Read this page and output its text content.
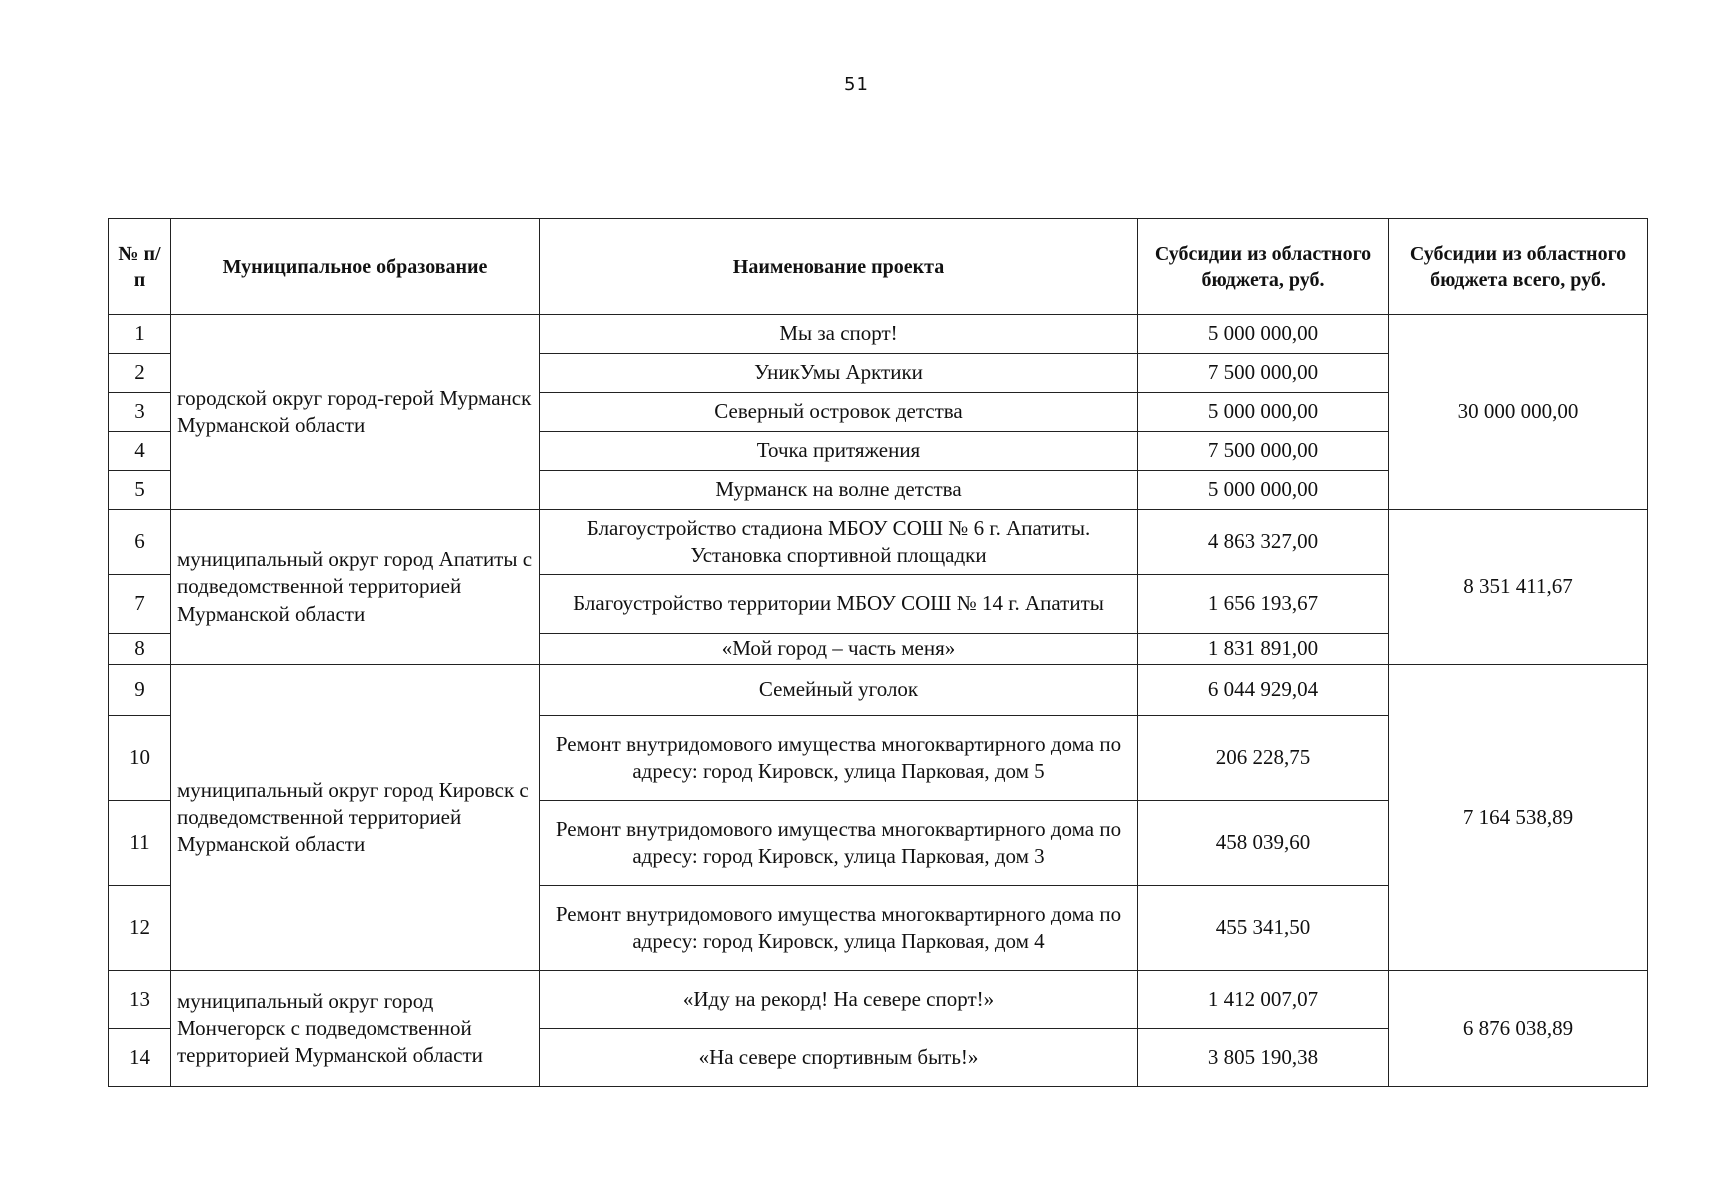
51
№ п/п	Муниципальное образование	Наименование проекта	Субсидии из областного бюджета, руб.	Субсидии из областного бюджета всего, руб.
1	городской округ город-герой Мурманск Мурманской области	Мы за спорт!	5 000 000,00	30 000 000,00
2		УникУмы Арктики	7 500 000,00	
3		Северный островок детства	5 000 000,00	
4		Точка притяжения	7 500 000,00	
5		Мурманск на волне детства	5 000 000,00	
6	муниципальный округ город Апатиты с подведомственной территорией Мурманской области	Благоустройство стадиона МБОУ СОШ № 6 г. Апатиты. Установка спортивной площадки	4 863 327,00	8 351 411,67
7		Благоустройство территории МБОУ СОШ № 14 г. Апатиты	1 656 193,67	
8		«Мой город – часть меня»	1 831 891,00	
9	муниципальный округ город Кировск с подведомственной территорией Мурманской области	Семейный уголок	6 044 929,04	7 164 538,89
10		Ремонт внутридомового имущества многоквартирного дома по адресу: город Кировск, улица Парковая, дом 5	206 228,75	
11		Ремонт внутридомового имущества многоквартирного дома по адресу: город Кировск, улица Парковая, дом 3	458 039,60	
12		Ремонт внутридомового имущества многоквартирного дома по адресу: город Кировск, улица Парковая, дом 4	455 341,50	
13	муниципальный округ город Мончегорск с подведомственной территорией Мурманской области	«Иду на рекорд! На севере спорт!»	1 412 007,07	6 876 038,89
14		«На севере спортивным быть!»	3 805 190,38	
